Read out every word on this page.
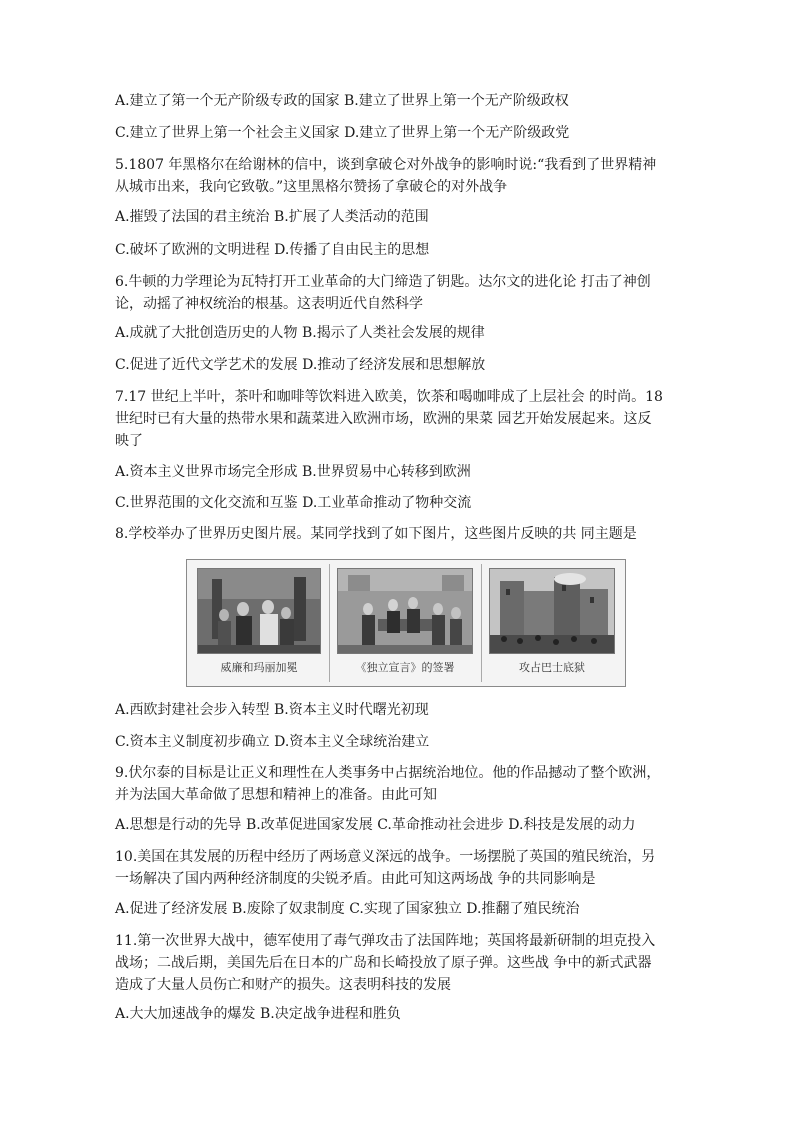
A.建立了第一个无产阶级专政的国家 B.建立了世界上第一个无产阶级政权
C.建立了世界上第一个社会主义国家 D.建立了世界上第一个无产阶级政党
5.1807 年黑格尔在给谢林的信中，谈到拿破仑对外战争的影响时说:“我看到了世界精神
从城市出来，我向它致敬。”这里黑格尔赞扬了拿破仑的对外战争
A.摧毁了法国的君主统治 B.扩展了人类活动的范围
C.破坏了欧洲的文明进程 D.传播了自由民主的思想
6.牛顿的力学理论为瓦特打开工业革命的大门缔造了钥匙。达尔文的进化论 打击了神创
论，动摇了神权统治的根基。这表明近代自然科学
A.成就了大批创造历史的人物 B.揭示了人类社会发展的规律
C.促进了近代文学艺术的发展 D.推动了经济发展和思想解放
7.17 世纪上半叶，茶叶和咖啡等饮料进入欧美，饮茶和喝咖啡成了上层社会 的时尚。18
世纪时已有大量的热带水果和蔬菜进入欧洲市场，欧洲的果菜 园艺开始发展起来。这反
映了
A.资本主义世界市场完全形成 B.世界贸易中心转移到欧洲
C.世界范围的文化交流和互鉴 D.工业革命推动了物种交流
8.学校举办了世界历史图片展。某同学找到了如下图片，这些图片反映的共 同主题是
威廉和玛丽加冕	《独立宣言》的签署	攻占巴士底狱
A.西欧封建社会步入转型 B.资本主义时代曙光初现
C.资本主义制度初步确立 D.资本主义全球统治建立
9.伏尔泰的目标是让正义和理性在人类事务中占据统治地位。他的作品撼动了整个欧洲，
并为法国大革命做了思想和精神上的准备。由此可知
A.思想是行动的先导 B.改革促进国家发展 C.革命推动社会进步 D.科技是发展的动力
10.美国在其发展的历程中经历了两场意义深远的战争。一场摆脱了英国的殖民统治，另
一场解决了国内两种经济制度的尖锐矛盾。由此可知这两场战 争的共同影响是
A.促进了经济发展 B.废除了奴隶制度 C.实现了国家独立 D.推翻了殖民统治
11.第一次世界大战中，德军使用了毒气弹攻击了法国阵地；英国将最新研制的坦克投入
战场；二战后期，美国先后在日本的广岛和长崎投放了原子弹。这些战 争中的新式武器
造成了大量人员伤亡和财产的损失。这表明科技的发展
A.大大加速战争的爆发 B.决定战争进程和胜负
